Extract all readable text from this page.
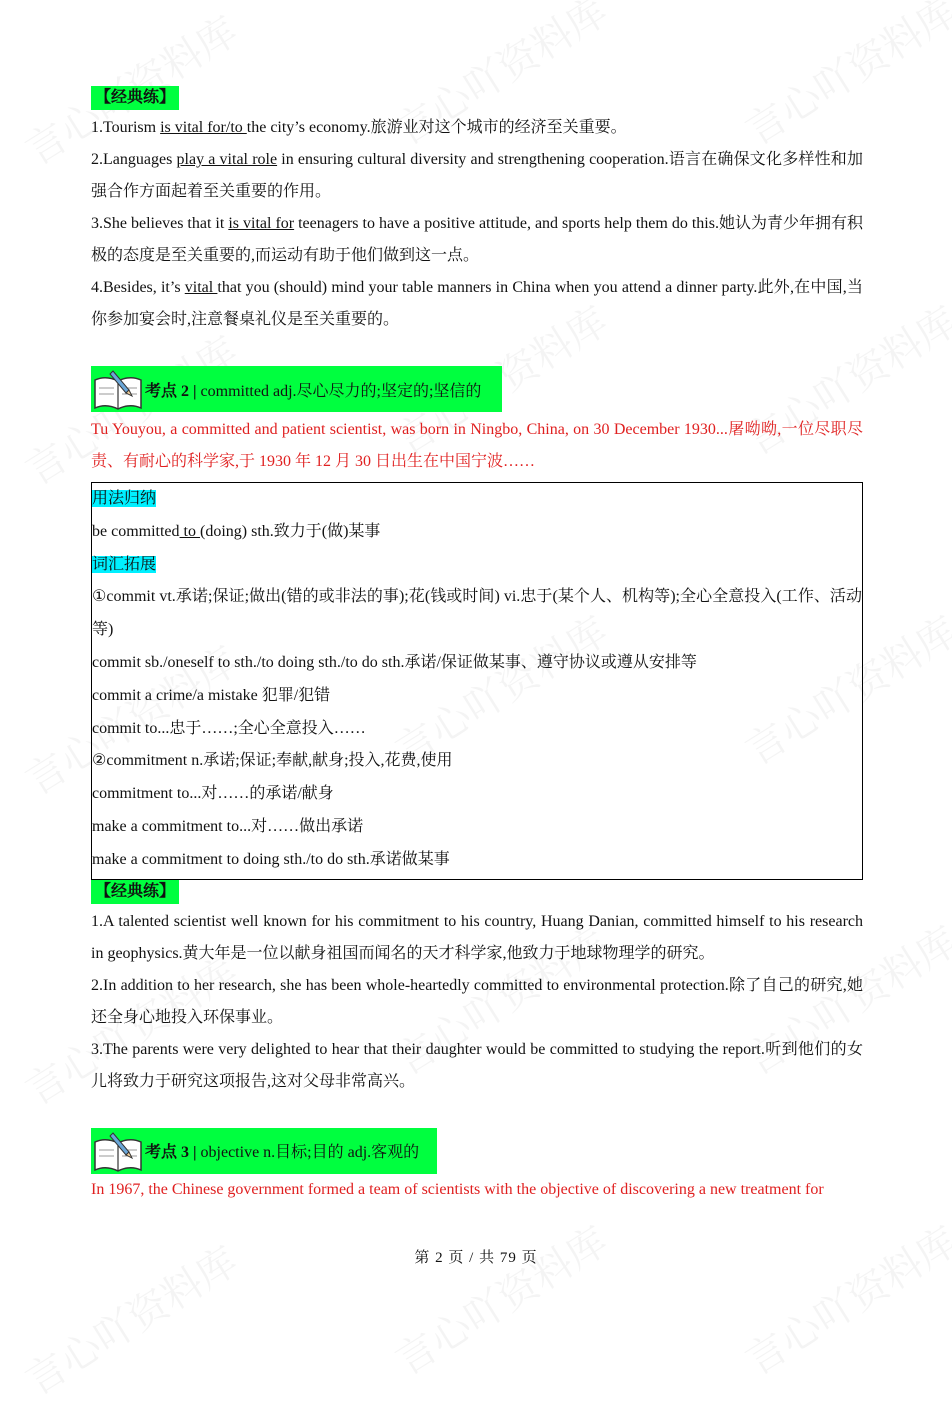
【经典练】

1.Tourism is vital for/to the city’s economy.旅游业对这个城市的经济至关重要。

2.Languages play a vital role in ensuring cultural diversity and strengthening cooperation.语言在确保文化多样性和加强合作方面起着至关重要的作用。

3.She believes that it is vital for teenagers to have a positive attitude, and sports help them do this.她认为青少年拥有积极的态度是至关重要的,而运动有助于他们做到这一点。

4.Besides, it’s vital that you (should) mind your table manners in China when you attend a dinner party.此外,在中国,当你参加宴会时,注意餐桌礼仪是至关重要的。

考点 2 | committed adj.尽心尽力的;坚定的;坚信的

Tu Youyou, a committed and patient scientist, was born in Ningbo, China, on 30 December 1930...屠呦呦,一位尽职尽责、有耐心的科学家,于 1930 年 12 月 30 日出生在中国宁波……

用法归纳

be committed to (doing) sth.致力于(做)某事

词汇拓展

①commit vt.承诺;保证;做出(错的或非法的事);花(钱或时间) vi.忠于(某个人、机构等);全心全意投入(工作、活动等)

commit sb./oneself to sth./to doing sth./to do sth.承诺/保证做某事、遵守协议或遵从安排等

commit a crime/a mistake 犯罪/犯错

commit to...忠于……;全心全意投入……

②commitment n.承诺;保证;奉献,献身;投入,花费,使用

commitment to...对……的承诺/献身

make a commitment to...对……做出承诺

make a commitment to doing sth./to do sth.承诺做某事

【经典练】

1.A talented scientist well known for his commitment to his country, Huang Danian, committed himself to his research in geophysics.黄大年是一位以献身祖国而闻名的天才科学家,他致力于地球物理学的研究。

2.In addition to her research, she has been whole-heartedly committed to environmental protection.除了自己的研究,她还全身心地投入环保事业。

3.The parents were very delighted to hear that their daughter would be committed to studying the report.听到他们的女儿将致力于研究这项报告,这对父母非常高兴。

考点 3 | objective n.目标;目的 adj.客观的

In 1967, the Chinese government formed a team of scientists with the objective of discovering a new treatment for

第 2 页 / 共 79 页
